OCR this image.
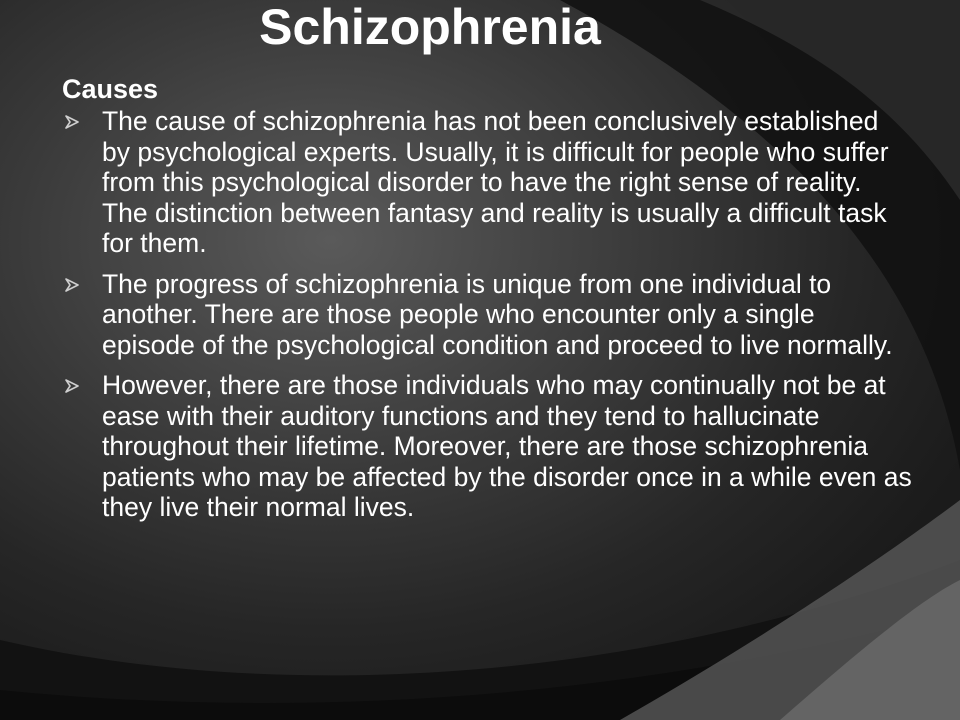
Schizophrenia
Causes
The cause of schizophrenia has not been conclusively established by psychological experts. Usually, it is difficult for people who suffer from this psychological disorder to have the right sense of reality. The distinction between fantasy and reality is usually a difficult task for them.
The progress of schizophrenia is unique from one individual to another. There are those people who encounter only a single episode of the psychological condition and proceed to live normally.
However, there are those individuals who may continually not be at ease with their auditory functions and they tend to hallucinate throughout their lifetime. Moreover, there are those schizophrenia patients who may be affected by the disorder once in a while even as they live their normal lives.
